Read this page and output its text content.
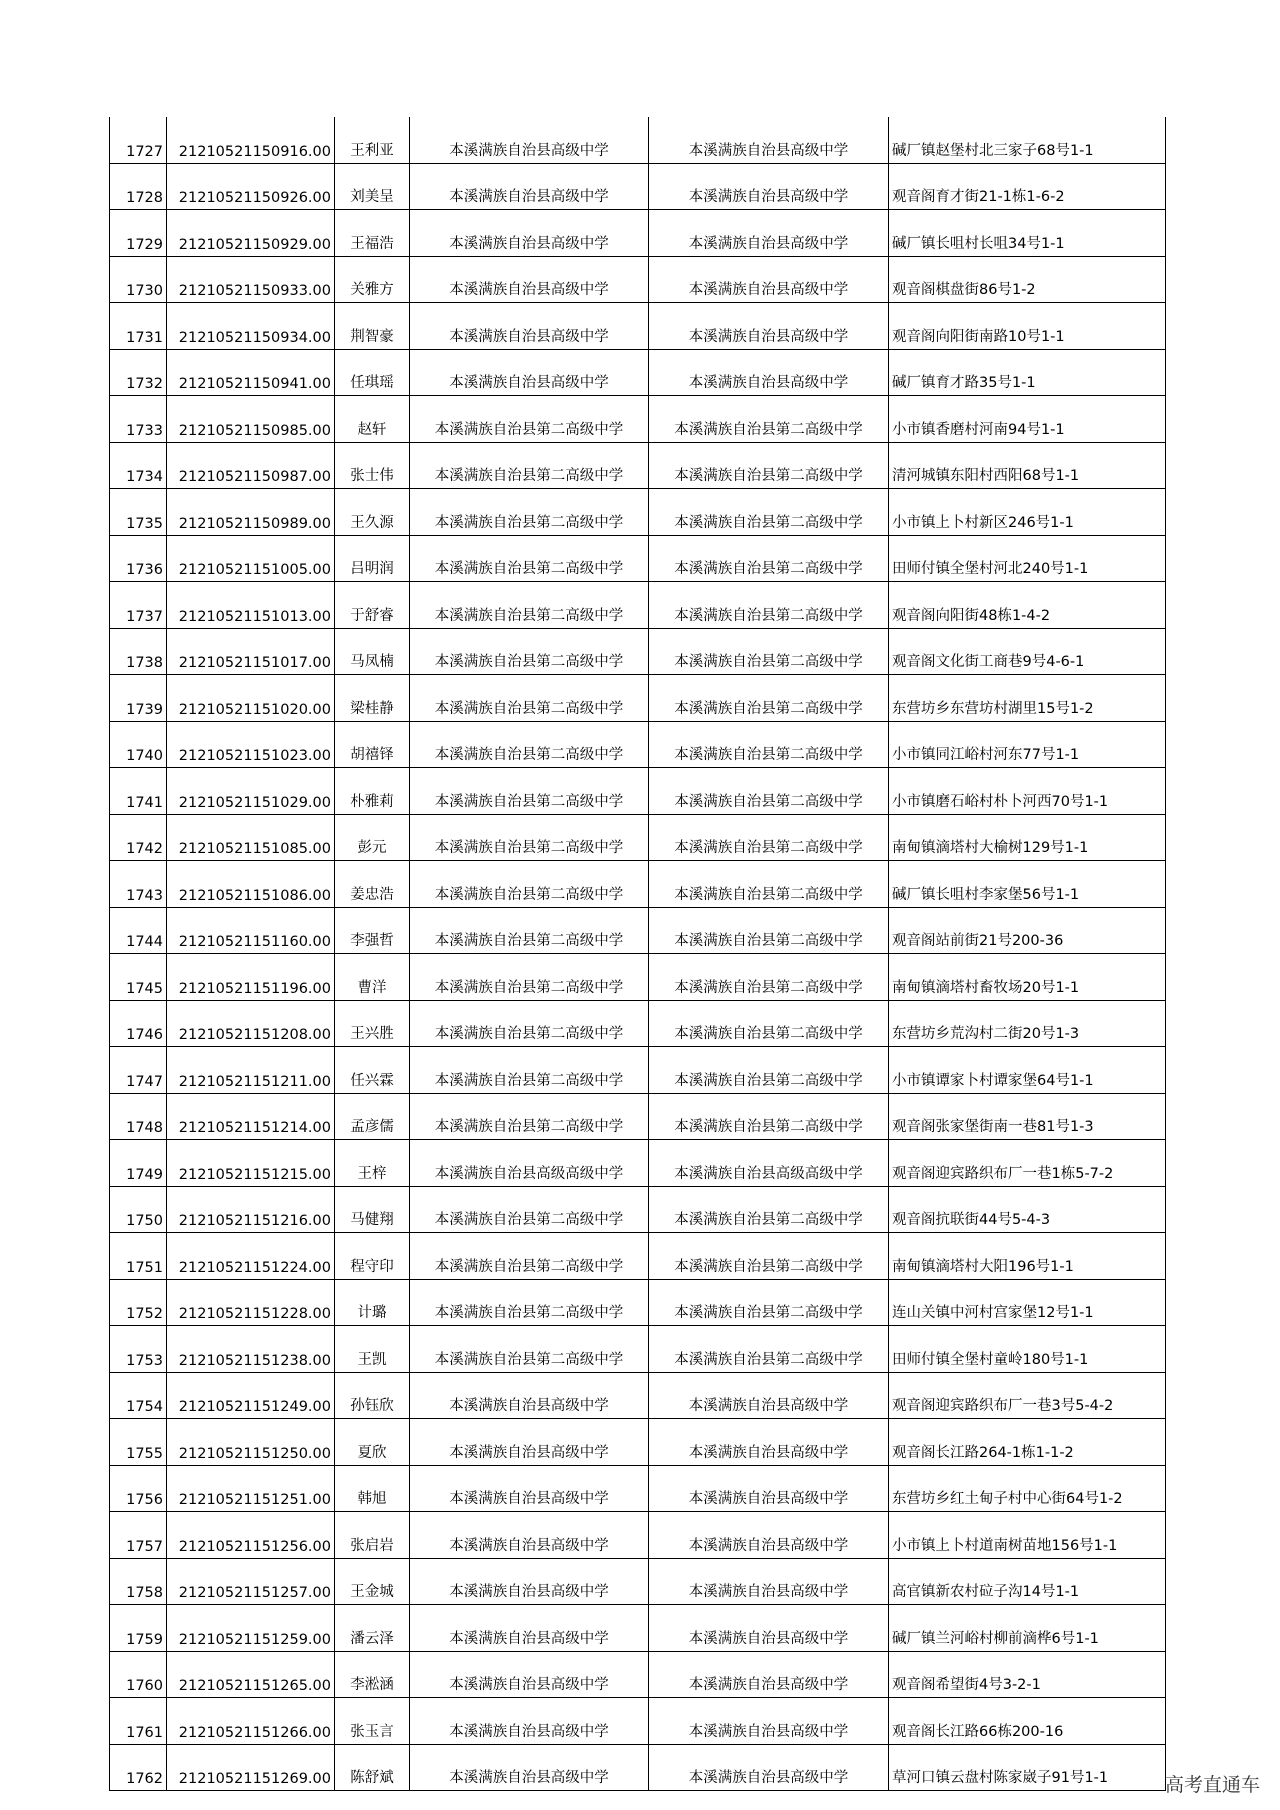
1727	21210521150916.00	王利亚	本溪满族自治县高级中学	本溪满族自治县高级中学	碱厂镇赵堡村北三家子68号1-1
1728	21210521150926.00	刘美呈	本溪满族自治县高级中学	本溪满族自治县高级中学	观音阁育才街21-1栋1-6-2
1729	21210521150929.00	王福浩	本溪满族自治县高级中学	本溪满族自治县高级中学	碱厂镇长咀村长咀34号1-1
1730	21210521150933.00	关雅方	本溪满族自治县高级中学	本溪满族自治县高级中学	观音阁棋盘街86号1-2
1731	21210521150934.00	荆智豪	本溪满族自治县高级中学	本溪满族自治县高级中学	观音阁向阳街南路10号1-1
1732	21210521150941.00	任琪瑶	本溪满族自治县高级中学	本溪满族自治县高级中学	碱厂镇育才路35号1-1
1733	21210521150985.00	赵轩	本溪满族自治县第二高级中学	本溪满族自治县第二高级中学	小市镇香磨村河南94号1-1
1734	21210521150987.00	张士伟	本溪满族自治县第二高级中学	本溪满族自治县第二高级中学	清河城镇东阳村西阳68号1-1
1735	21210521150989.00	王久源	本溪满族自治县第二高级中学	本溪满族自治县第二高级中学	小市镇上卜村新区246号1-1
1736	21210521151005.00	吕明润	本溪满族自治县第二高级中学	本溪满族自治县第二高级中学	田师付镇全堡村河北240号1-1
1737	21210521151013.00	于舒睿	本溪满族自治县第二高级中学	本溪满族自治县第二高级中学	观音阁向阳街48栋1-4-2
1738	21210521151017.00	马凤楠	本溪满族自治县第二高级中学	本溪满族自治县第二高级中学	观音阁文化街工商巷9号4-6-1
1739	21210521151020.00	梁桂静	本溪满族自治县第二高级中学	本溪满族自治县第二高级中学	东营坊乡东营坊村湖里15号1-2
1740	21210521151023.00	胡禧铎	本溪满族自治县第二高级中学	本溪满族自治县第二高级中学	小市镇同江峪村河东77号1-1
1741	21210521151029.00	朴雅莉	本溪满族自治县第二高级中学	本溪满族自治县第二高级中学	小市镇磨石峪村朴卜河西70号1-1
1742	21210521151085.00	彭元	本溪满族自治县第二高级中学	本溪满族自治县第二高级中学	南甸镇滴塔村大榆树129号1-1
1743	21210521151086.00	姜忠浩	本溪满族自治县第二高级中学	本溪满族自治县第二高级中学	碱厂镇长咀村李家堡56号1-1
1744	21210521151160.00	李强哲	本溪满族自治县第二高级中学	本溪满族自治县第二高级中学	观音阁站前街21号200-36
1745	21210521151196.00	曹洋	本溪满族自治县第二高级中学	本溪满族自治县第二高级中学	南甸镇滴塔村畜牧场20号1-1
1746	21210521151208.00	王兴胜	本溪满族自治县第二高级中学	本溪满族自治县第二高级中学	东营坊乡荒沟村二街20号1-3
1747	21210521151211.00	任兴霖	本溪满族自治县第二高级中学	本溪满族自治县第二高级中学	小市镇谭家卜村谭家堡64号1-1
1748	21210521151214.00	孟彦儒	本溪满族自治县第二高级中学	本溪满族自治县第二高级中学	观音阁张家堡街南一巷81号1-3
1749	21210521151215.00	王梓	本溪满族自治县高级高级中学	本溪满族自治县高级高级中学	观音阁迎宾路织布厂一巷1栋5-7-2
1750	21210521151216.00	马健翔	本溪满族自治县第二高级中学	本溪满族自治县第二高级中学	观音阁抗联街44号5-4-3
1751	21210521151224.00	程守印	本溪满族自治县第二高级中学	本溪满族自治县第二高级中学	南甸镇滴塔村大阳196号1-1
1752	21210521151228.00	计璐	本溪满族自治县第二高级中学	本溪满族自治县第二高级中学	连山关镇中河村宫家堡12号1-1
1753	21210521151238.00	王凯	本溪满族自治县第二高级中学	本溪满族自治县第二高级中学	田师付镇全堡村童岭180号1-1
1754	21210521151249.00	孙钰欣	本溪满族自治县高级中学	本溪满族自治县高级中学	观音阁迎宾路织布厂一巷3号5-4-2
1755	21210521151250.00	夏欣	本溪满族自治县高级中学	本溪满族自治县高级中学	观音阁长江路264-1栋1-1-2
1756	21210521151251.00	韩旭	本溪满族自治县高级中学	本溪满族自治县高级中学	东营坊乡红土甸子村中心街64号1-2
1757	21210521151256.00	张启岩	本溪满族自治县高级中学	本溪满族自治县高级中学	小市镇上卜村道南树苗地156号1-1
1758	21210521151257.00	王金城	本溪满族自治县高级中学	本溪满族自治县高级中学	高官镇新农村砬子沟14号1-1
1759	21210521151259.00	潘云泽	本溪满族自治县高级中学	本溪满族自治县高级中学	碱厂镇兰河峪村柳前滴桦6号1-1
1760	21210521151265.00	李淞涵	本溪满族自治县高级中学	本溪满族自治县高级中学	观音阁希望街4号3-2-1
1761	21210521151266.00	张玉言	本溪满族自治县高级中学	本溪满族自治县高级中学	观音阁长江路66栋200-16
1762	21210521151269.00	陈舒斌	本溪满族自治县高级中学	本溪满族自治县高级中学	草河口镇云盘村陈家崴子91号1-1	高考直通车
